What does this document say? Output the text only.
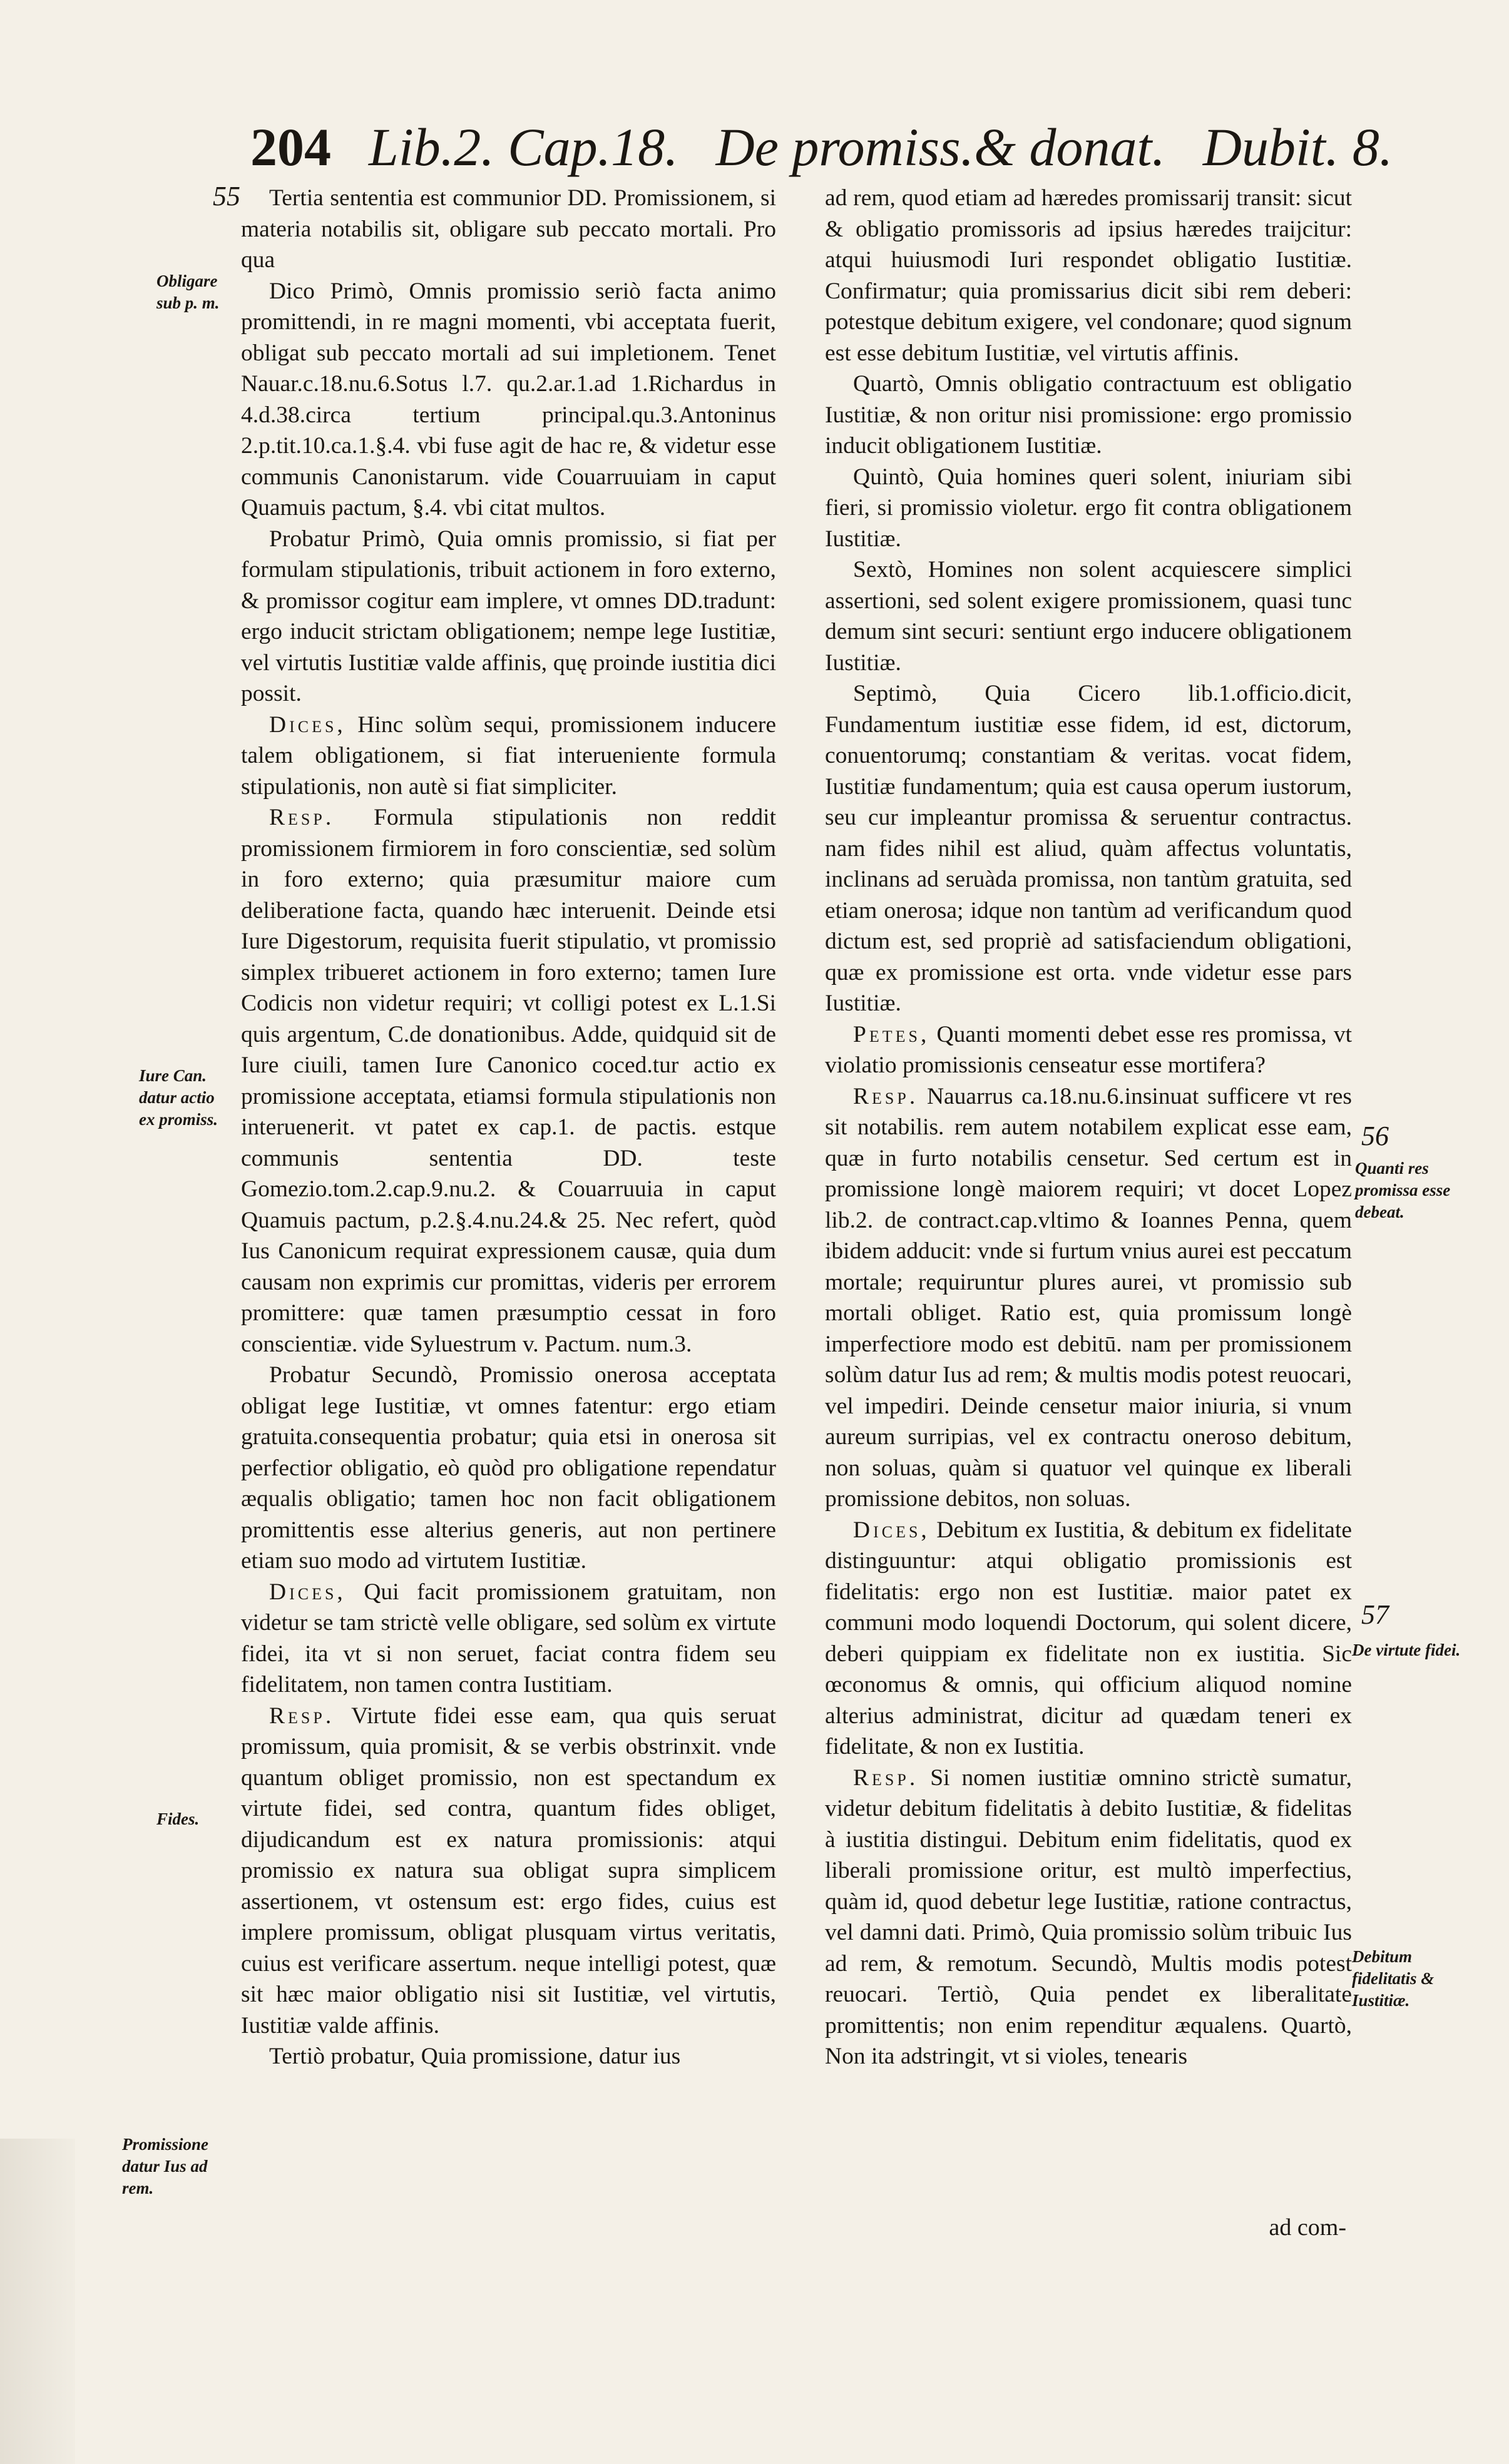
204 Lib.2. Cap.18. De promiss.& donat. Dubit. 8.
55
56
57
Obligare sub p. m.
Iure Can. datur actio ex promiss.
Fides.
Promissione datur Ius ad rem.
Quanti res promissa esse debeat.
De virtute fidei.
Debitum fidelitatis & Iustitiæ.

Tertia sententia est communior DD. Promissionem, si materia notabilis sit, obligare sub peccato mortali. Pro qua

Dico Primò, Omnis promissio seriò facta animo promittendi, in re magni momenti, vbi acceptata fuerit, obligat sub peccato mortali ad sui impletionem. Tenet Nauar.c.18.nu.6.Sotus l.7. qu.2.ar.1.ad 1.Richardus in 4.d.38.circa tertium principal.qu.3.Antoninus 2.p.tit.10.ca.1.§.4. vbi fuse agit de hac re, & videtur esse communis Canonistarum. vide Couarruuiam in caput Quamuis pactum, §.4. vbi citat multos.

Probatur Primò, Quia omnis promissio, si fiat per formulam stipulationis, tribuit actionem in foro externo, & promissor cogitur eam implere, vt omnes DD.tradunt: ergo inducit strictam obligationem; nempe lege Iustitiæ, vel virtutis Iustitiæ valde affinis, quę proinde iustitia dici possit.

Dices, Hinc solùm sequi, promissionem inducere talem obligationem, si fiat interueniente formula stipulationis, non autè si fiat simpliciter.

Resp. Formula stipulationis non reddit promissionem firmiorem in foro conscientiæ, sed solùm in foro externo; quia præsumitur maiore cum deliberatione facta, quando hæc interuenit. Deinde etsi Iure Digestorum, requisita fuerit stipulatio, vt promissio simplex tribueret actionem in foro externo; tamen Iure Codicis non videtur requiri; vt colligi potest ex L.1.Si quis argentum, C.de donationibus. Adde, quidquid sit de Iure ciuili, tamen Iure Canonico coced.tur actio ex promissione acceptata, etiamsi formula stipulationis non interuenerit. vt patet ex cap.1. de pactis. estque communis sententia DD. teste Gomezio.tom.2.cap.9.nu.2. & Couarruuia in caput Quamuis pactum, p.2.§.4.nu.24.& 25. Nec refert, quòd Ius Canonicum requirat expressionem causæ, quia dum causam non exprimis cur promittas, videris per errorem promittere: quæ tamen præsumptio cessat in foro conscientiæ. vide Syluestrum v. Pactum. num.3.

Probatur Secundò, Promissio onerosa acceptata obligat lege Iustitiæ, vt omnes fatentur: ergo etiam gratuita.consequentia probatur; quia etsi in onerosa sit perfectior obligatio, eò quòd pro obligatione rependatur æqualis obligatio; tamen hoc non facit obligationem promittentis esse alterius generis, aut non pertinere etiam suo modo ad virtutem Iustitiæ.

Dices, Qui facit promissionem gratuitam, non videtur se tam strictè velle obligare, sed solùm ex virtute fidei, ita vt si non seruet, faciat contra fidem seu fidelitatem, non tamen contra Iustitiam.

Resp. Virtute fidei esse eam, qua quis seruat promissum, quia promisit, & se verbis obstrinxit. vnde quantum obliget promissio, non est spectandum ex virtute fidei, sed contra, quantum fides obliget, dijudicandum est ex natura promissionis: atqui promissio ex natura sua obligat supra simplicem assertionem, vt ostensum est: ergo fides, cuius est implere promissum, obligat plusquam virtus veritatis, cuius est verificare assertum. neque intelligi potest, quæ sit hæc maior obligatio nisi sit Iustitiæ, vel virtutis, Iustitiæ valde affinis.

Tertiò probatur, Quia promissione, datur ius

ad rem, quod etiam ad hæredes promissarij transit: sicut & obligatio promissoris ad ipsius hæredes traijcitur: atqui huiusmodi Iuri respondet obligatio Iustitiæ. Confirmatur; quia promissarius dicit sibi rem deberi: potestque debitum exigere, vel condonare; quod signum est esse debitum Iustitiæ, vel virtutis affinis.

Quartò, Omnis obligatio contractuum est obligatio Iustitiæ, & non oritur nisi promissione: ergo promissio inducit obligationem Iustitiæ.

Quintò, Quia homines queri solent, iniuriam sibi fieri, si promissio violetur. ergo fit contra obligationem Iustitiæ.

Sextò, Homines non solent acquiescere simplici assertioni, sed solent exigere promissionem, quasi tunc demum sint securi: sentiunt ergo inducere obligationem Iustitiæ.

Septimò, Quia Cicero lib.1.officio.dicit, Fundamentum iustitiæ esse fidem, id est, dictorum, conuentorumq; constantiam & veritas. vocat fidem, Iustitiæ fundamentum; quia est causa operum iustorum, seu cur impleantur promissa & seruentur contractus. nam fides nihil est aliud, quàm affectus voluntatis, inclinans ad seruàda promissa, non tantùm gratuita, sed etiam onerosa; idque non tantùm ad verificandum quod dictum est, sed propriè ad satisfaciendum obligationi, quæ ex promissione est orta. vnde videtur esse pars Iustitiæ.

Petes, Quanti momenti debet esse res promissa, vt violatio promissionis censeatur esse mortifera?

Resp. Nauarrus ca.18.nu.6.insinuat sufficere vt res sit notabilis. rem autem notabilem explicat esse eam, quæ in furto notabilis censetur. Sed certum est in promissione longè maiorem requiri; vt docet Lopez lib.2. de contract.cap.vltimo & Ioannes Penna, quem ibidem adducit: vnde si furtum vnius aurei est peccatum mortale; requiruntur plures aurei, vt promissio sub mortali obliget. Ratio est, quia promissum longè imperfectiore modo est debitū. nam per promissionem solùm datur Ius ad rem; & multis modis potest reuocari, vel impediri. Deinde censetur maior iniuria, si vnum aureum surripias, vel ex contractu oneroso debitum, non soluas, quàm si quatuor vel quinque ex liberali promissione debitos, non soluas.

Dices, Debitum ex Iustitia, & debitum ex fidelitate distinguuntur: atqui obligatio promissionis est fidelitatis: ergo non est Iustitiæ. maior patet ex communi modo loquendi Doctorum, qui solent dicere, deberi quippiam ex fidelitate non ex iustitia. Sic œconomus & omnis, qui officium aliquod nomine alterius administrat, dicitur ad quædam teneri ex fidelitate, & non ex Iustitia.

Resp. Si nomen iustitiæ omnino strictè sumatur, videtur debitum fidelitatis à debito Iustitiæ, & fidelitas à iustitia distingui. Debitum enim fidelitatis, quod ex liberali promissione oritur, est multò imperfectius, quàm id, quod debetur lege Iustitiæ, ratione contractus, vel damni dati. Primò, Quia promissio solùm tribuic Ius ad rem, & remotum. Secundò, Multis modis potest reuocari. Tertiò, Quia pendet ex liberalitate promittentis; non enim rependitur æqualens. Quartò, Non ita adstringit, vt si violes, tenearis

ad com-
